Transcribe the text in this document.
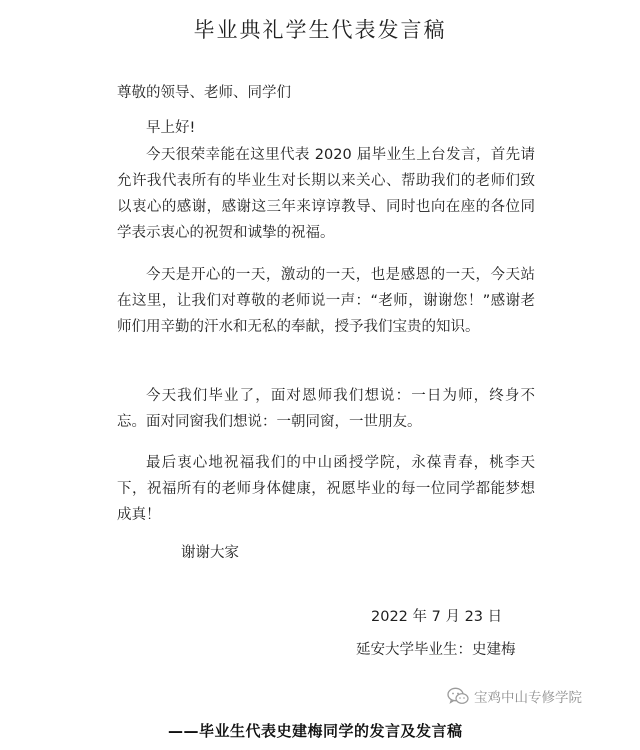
毕业典礼学生代表发言稿
尊敬的领导、老师、同学们
早上好!
今天很荣幸能在这里代表 2020 届毕业生上台发言，首先请允许我代表所有的毕业生对长期以来关心、帮助我们的老师们致以衷心的感谢，感谢这三年来谆谆教导、同时也向在座的各位同学表示衷心的祝贺和诚挚的祝福。
今天是开心的一天，激动的一天，也是感恩的一天，今天站在这里，让我们对尊敬的老师说一声：“老师，谢谢您！”感谢老师们用辛勤的汗水和无私的奉献，授予我们宝贵的知识。
今天我们毕业了，面对恩师我们想说：一日为师，终身不忘。面对同窗我们想说：一朝同窗，一世朋友。
最后衷心地祝福我们的中山函授学院，永葆青春，桃李天下，祝福所有的老师身体健康，祝愿毕业的每一位同学都能梦想成真！
谢谢大家
2022 年 7 月 23 日
延安大学毕业生：史建梅
宝鸡中山专修学院
——毕业生代表史建梅同学的发言及发言稿
